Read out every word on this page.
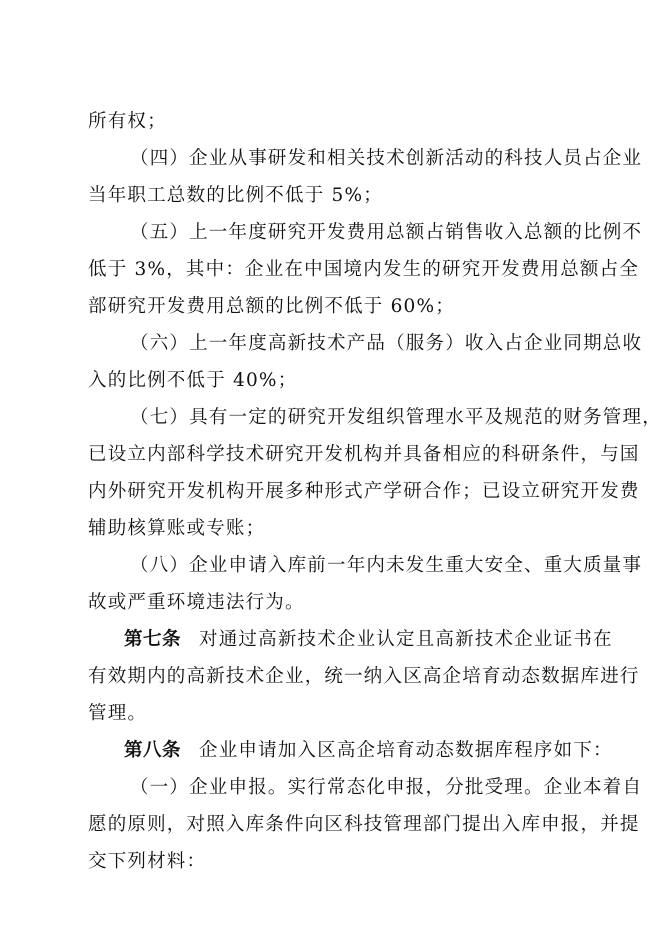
所有权；
（四）企业从事研发和相关技术创新活动的科技人员占企业
当年职工总数的比例不低于 5%；
（五）上一年度研究开发费用总额占销售收入总额的比例不
低于 3%，其中：企业在中国境内发生的研究开发费用总额占全
部研究开发费用总额的比例不低于 60%；
（六）上一年度高新技术产品（服务）收入占企业同期总收
入的比例不低于 40%；
（七）具有一定的研究开发组织管理水平及规范的财务管理，
已设立内部科学技术研究开发机构并具备相应的科研条件，与国
内外研究开发机构开展多种形式产学研合作；已设立研究开发费
辅助核算账或专账；
（八）企业申请入库前一年内未发生重大安全、重大质量事
故或严重环境违法行为。
第七条 对通过高新技术企业认定且高新技术企业证书在
有效期内的高新技术企业，统一纳入区高企培育动态数据库进行
管理。
第八条 企业申请加入区高企培育动态数据库程序如下：
（一）企业申报。实行常态化申报，分批受理。企业本着自
愿的原则，对照入库条件向区科技管理部门提出入库申报，并提
交下列材料：
